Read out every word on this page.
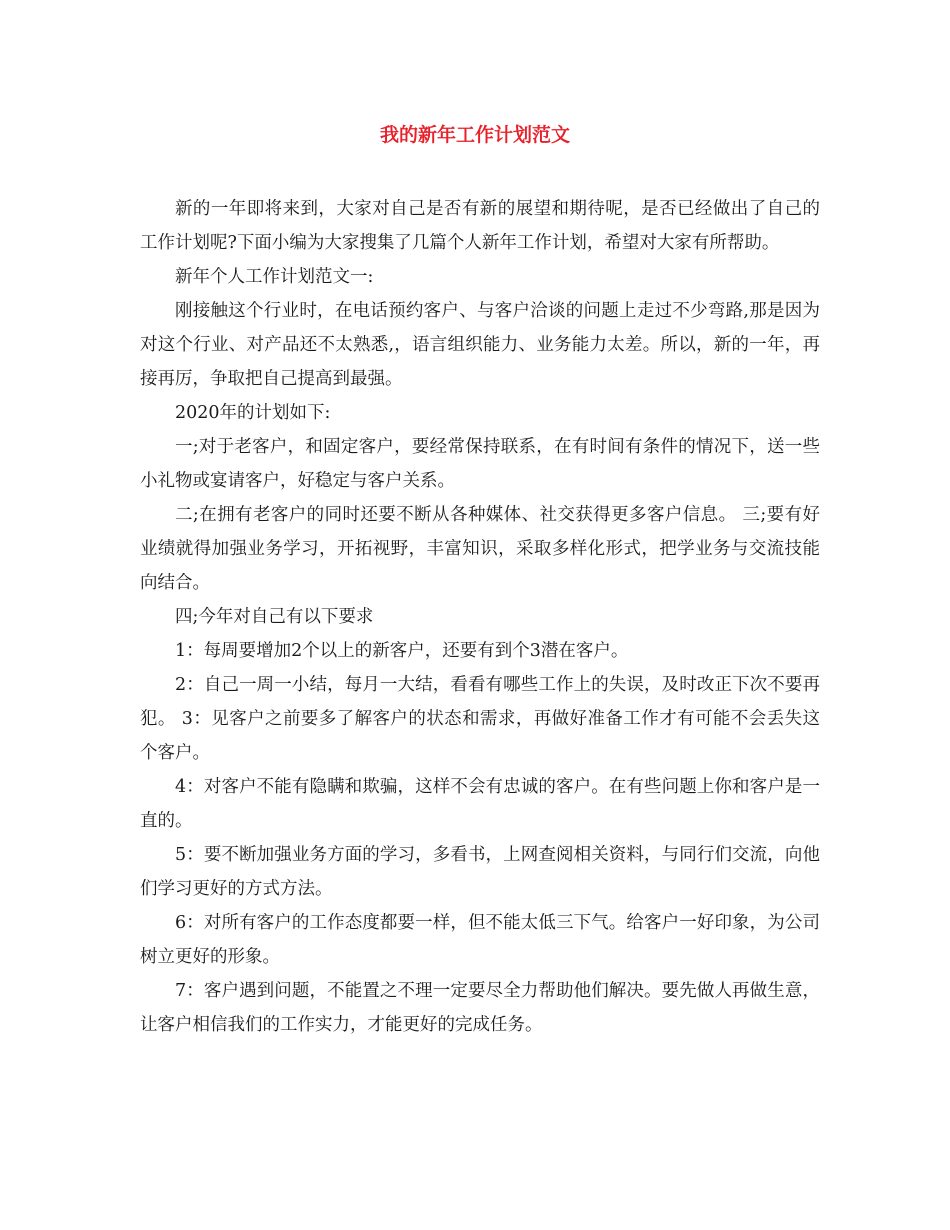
我的新年工作计划范文

新的一年即将来到，大家对自己是否有新的展望和期待呢，是否已经做出了自己的工作计划呢?下面小编为大家搜集了几篇个人新年工作计划，希望对大家有所帮助。

新年个人工作计划范文一:

刚接触这个行业时，在电话预约客户、与客户洽谈的问题上走过不少弯路,那是因为对这个行业、对产品还不太熟悉,，语言组织能力、业务能力太差。所以，新的一年，再接再厉，争取把自己提高到最强。

2020年的计划如下:

一;对于老客户，和固定客户，要经常保持联系，在有时间有条件的情况下，送一些小礼物或宴请客户，好稳定与客户关系。

二;在拥有老客户的同时还要不断从各种媒体、社交获得更多客户信息。 三;要有好业绩就得加强业务学习，开拓视野，丰富知识，采取多样化形式，把学业务与交流技能向结合。

四;今年对自己有以下要求

1：每周要增加2个以上的新客户，还要有到个3潜在客户。

2：自己一周一小结，每月一大结，看看有哪些工作上的失误，及时改正下次不要再犯。 3：见客户之前要多了解客户的状态和需求，再做好准备工作才有可能不会丢失这个客户。

4：对客户不能有隐瞒和欺骗，这样不会有忠诚的客户。在有些问题上你和客户是一直的。

5：要不断加强业务方面的学习，多看书，上网查阅相关资料，与同行们交流，向他们学习更好的方式方法。

6：对所有客户的工作态度都要一样，但不能太低三下气。给客户一好印象，为公司树立更好的形象。

7：客户遇到问题，不能置之不理一定要尽全力帮助他们解决。要先做人再做生意，让客户相信我们的工作实力，才能更好的完成任务。
